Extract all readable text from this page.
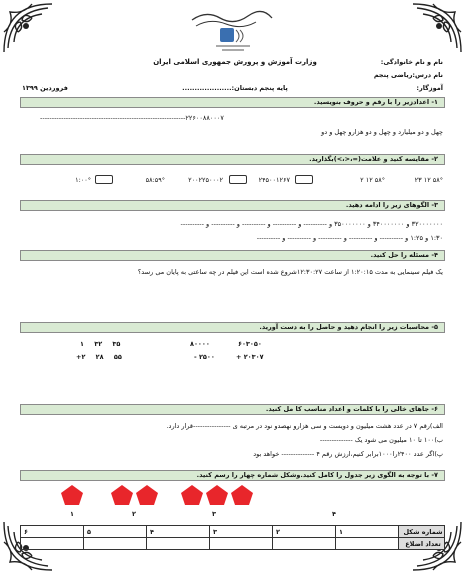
وزارت آموزش و پرورش جمهوری اسلامی ایران	نام و نام خانوادگی:
نام درس:ریاضی پنجم
آموزگار:
پایه پنجم دبستان:....................
فروردین ۱۳۹۹
۱- اعدادزیر را با رقم و حروف بنویسید.
--------------------------------------------------------------۲۲۶۰۰۸۸۰۰۰۷
چهل و دو میلیارد و چهل و دو هزارو چهل و دو
۲- مقایسه کنید و علامت(=،<،>)بگذارید.
۵۸° ۱۲ ۲۳
۵۸° ۱۲ ۲
۲۴۵۰۰۱۲۶۷
۲۰۰۲۲۵۰۰۰۲
۵۸:۵۹°
۱:۰۰°
۳- الگوهای زیر را ادامه دهید.
۳۲۰۰۰۰۰۰۰ و ۳۴۰۰۰۰۰۰۰ و ۳۵۰۰۰۰۰۰۰ و ---------- و ---------- و ---------- و ---------- و ----------
۱:۳۰ و ۱:۲۵ و ---------- و ---------- و ---------- و ---------- و ----------
۴- مسئله را حل کنید.
یک فیلم سینمایی به مدت ۱:۲۰:۱۵ از ساعت ۱۲:۳۰:۲۷شروع شده است این فیلم در چه ساعتی به پایان می رسد؟
۵- محاسبات زیر را انجام دهید و حاصل را به دست آورید.
۶۰۳۰۵۰
+ ۲۰۳۰۷
۸۰۰۰۰
- ۲۵۰۰
۱ ۳۲ ۳۵
+۲ ۲۸ ۵۵
۶- جاهای خالی را با کلمات و اعداد مناسب کا مل کنید.
الف)رقم ۷ در عدد هشت میلیون و دویست و سی هزارو نهصدو نود در مرتبه ی ----------------قرار دارد.
ب)۱۰۰ تا ۱۰ میلیون می شود یک --------------
پ)اگر عدد ۲۴۰۰را۱۰۰۰برابر کنیم،ارزش رقم ۴ -------------- خواهد بود
۷- با توجه به الگوی زیر جدول را کامل کنید.وشکل شماره چهار را رسم کنید.
۱	۲	۳	۴
شماره شکل	۱	۲	۳	۴	۵	۶
تعداد اضلاع						
